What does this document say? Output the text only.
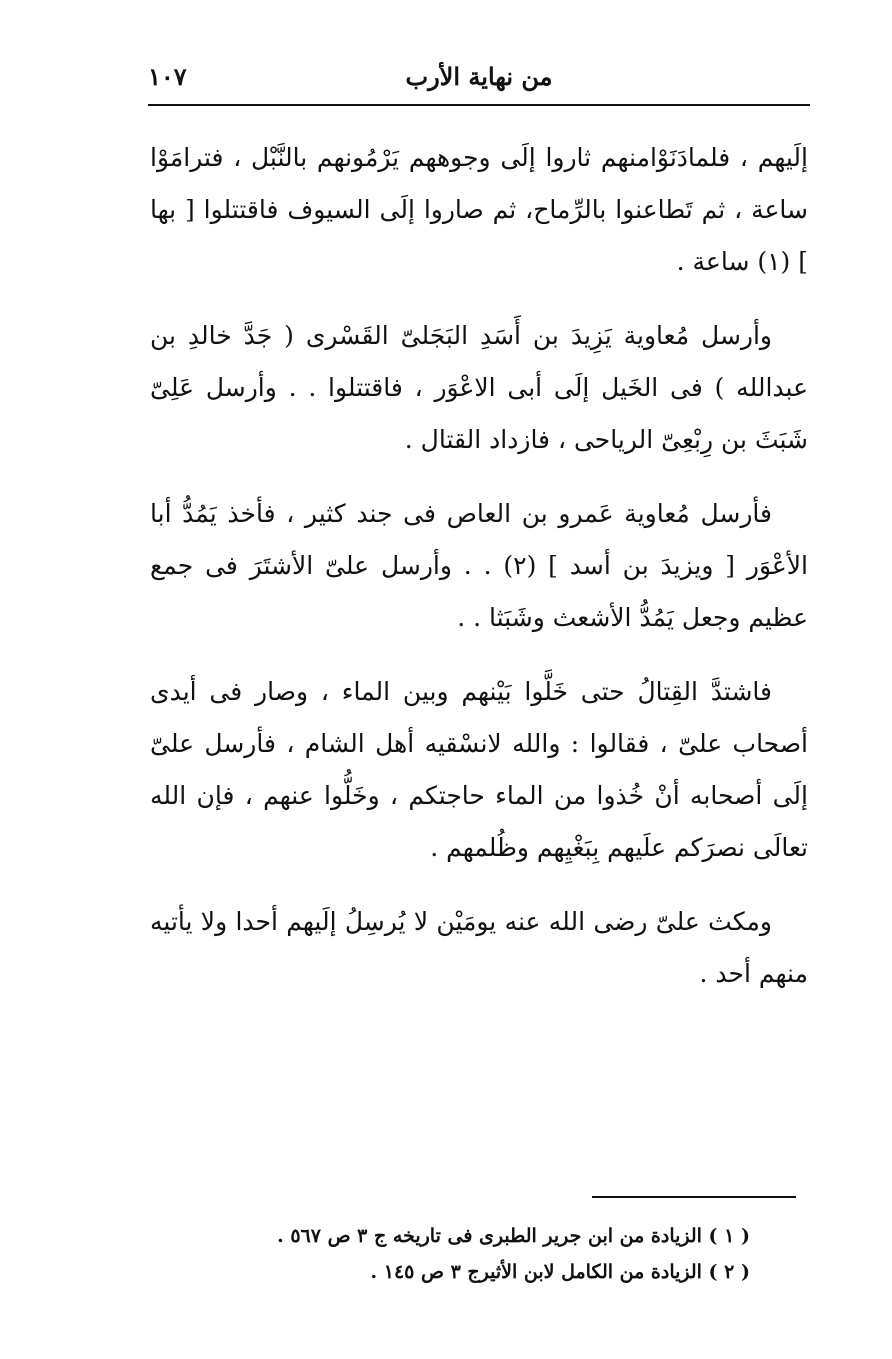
من نهاية الأرب
١٠٧

إلَيهم ، فلمادَنَوْامنهم ثاروا إلَى وجوههم يَرْمُونهم بالنَّبْل ، فترامَوْا ساعة ، ثم تَطاعنوا بالرِّماح، ثم صاروا إلَى السيوف فاقتتلوا [ بها ] (١) ساعة .

وأرسل مُعاوية يَزِيدَ بن أَسَدِ البَجَلىّ القَسْرى ( جَدَّ خالدِ بن عبدالله ) فى الخَيل إلَى أبى الاعْوَر ، فاقتتلوا . . وأرسل عَلِىّ شَبَثَ بن رِبْعِىّ الرياحى ، فازداد القتال .

فأرسل مُعاوية عَمرو بن العاص فى جند كثير ، فأخذ يَمُدُّ أبا الأعْوَر [ ويزيدَ بن أسد ] (٢) . . وأرسل علىّ الأشتَرَ فى جمع عظيم وجعل يَمُدُّ الأشعث وشَبَثا . .

فاشتدَّ القِتالُ حتى خَلَّوا بَيْنهم وبين الماء ، وصار فى أيدى أصحاب علىّ ، فقالوا : والله لانسْقيه أهل الشام ، فأرسل علىّ إلَى أصحابه أنْ خُذوا من الماء حاجتكم ، وخَلُّوا عنهم ، فإن الله تعالَى نصرَكم علَيهم بِبَغْيِهم وظُلمهم .

ومكث علىّ رضى الله عنه يومَيْن لا يُرسِلُ إلَيهم أحدا ولا يأتيه منهم أحد .

( ١ ) الزيادة من ابن جرير الطبرى فى تاريخه ج ٣ ص ٥٦٧ .

( ٢ ) الزيادة من الكامل لابن الأثيرج ٣ ص ١٤٥ .
